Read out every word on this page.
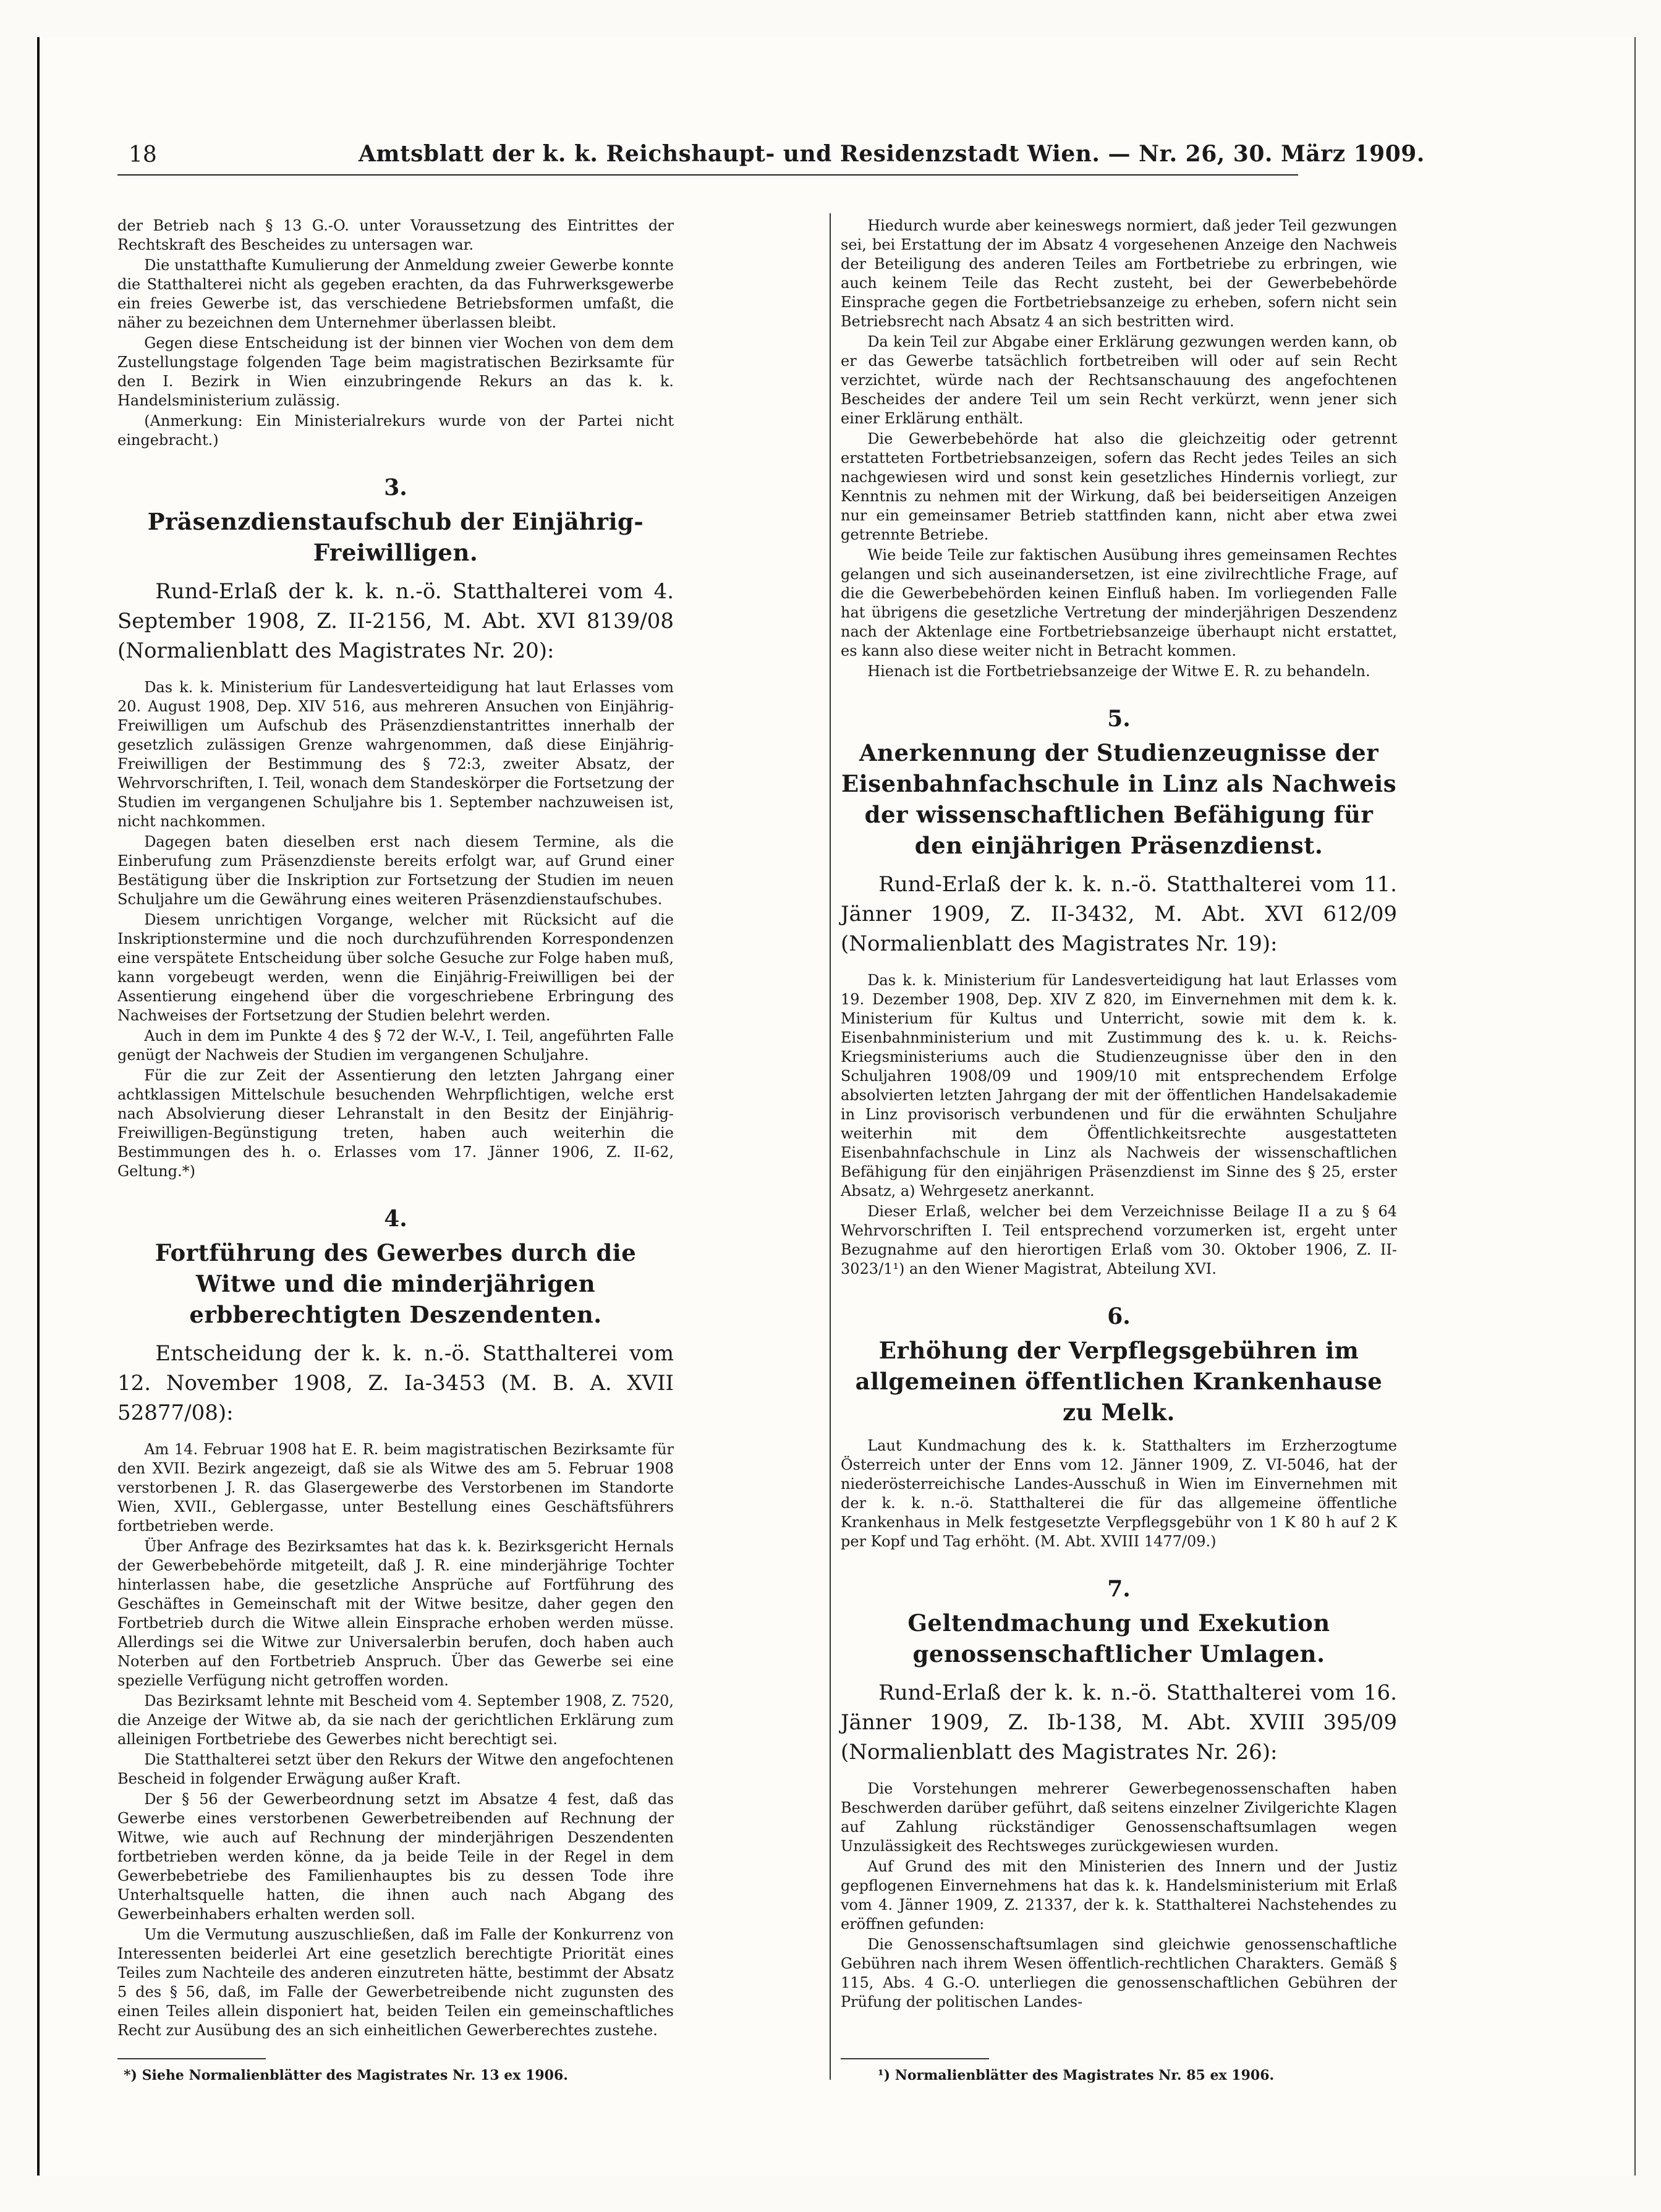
18	Amtsblatt der k. k. Reichshaupt- und Residenzstadt Wien. — Nr. 26, 30. März 1909.

der Betrieb nach § 13 G.-O. unter Voraussetzung des Eintrittes der Rechtskraft des Bescheides zu untersagen war.

Die unstatthafte Kumulierung der Anmeldung zweier Gewerbe konnte die Statthalterei nicht als gegeben erachten, da das Fuhrwerksgewerbe ein freies Gewerbe ist, das verschiedene Betriebsformen umfaßt, die näher zu bezeichnen dem Unternehmer überlassen bleibt.

Gegen diese Entscheidung ist der binnen vier Wochen von dem dem Zustellungstage folgenden Tage beim magistratischen Bezirksamte für den I. Bezirk in Wien einzubringende Rekurs an das k. k. Handelsministerium zulässig.

(Anmerkung: Ein Ministerialrekurs wurde von der Partei nicht eingebracht.)

3.
Präsenzdienstaufschub der Einjährig-Freiwilligen.

Rund-Erlaß der k. k. n.-ö. Statthalterei vom 4. September 1908, Z. II-2156, M. Abt. XVI 8139/08 (Normalienblatt des Magistrates Nr. 20):

Das k. k. Ministerium für Landesverteidigung hat laut Erlasses vom 20. August 1908, Dep. XIV 516, aus mehreren Ansuchen von Einjährig-Freiwilligen um Aufschub des Präsenzdienstantrittes innerhalb der gesetzlich zulässigen Grenze wahrgenommen, daß diese Einjährig-Freiwilligen der Bestimmung des § 72:3, zweiter Absatz, der Wehrvorschriften, I. Teil, wonach dem Standeskörper die Fortsetzung der Studien im vergangenen Schuljahre bis 1. September nachzuweisen ist, nicht nachkommen.

Dagegen baten dieselben erst nach diesem Termine, als die Einberufung zum Präsenzdienste bereits erfolgt war, auf Grund einer Bestätigung über die Inskription zur Fortsetzung der Studien im neuen Schuljahre um die Gewährung eines weiteren Präsenzdienstaufschubes.

Diesem unrichtigen Vorgange, welcher mit Rücksicht auf die Inskriptionstermine und die noch durchzuführenden Korrespondenzen eine verspätete Entscheidung über solche Gesuche zur Folge haben muß, kann vorgebeugt werden, wenn die Einjährig-Freiwilligen bei der Assentierung eingehend über die vorgeschriebene Erbringung des Nachweises der Fortsetzung der Studien belehrt werden.

Auch in dem im Punkte 4 des § 72 der W.-V., I. Teil, angeführten Falle genügt der Nachweis der Studien im vergangenen Schuljahre.

Für die zur Zeit der Assentierung den letzten Jahrgang einer achtklassigen Mittelschule besuchenden Wehrpflichtigen, welche erst nach Absolvierung dieser Lehranstalt in den Besitz der Einjährig-Freiwilligen-Begünstigung treten, haben auch weiterhin die Bestimmungen des h. o. Erlasses vom 17. Jänner 1906, Z. II-62, Geltung.*)

4.
Fortführung des Gewerbes durch die Witwe und die minderjährigen erbberechtigten Deszendenten.

Entscheidung der k. k. n.-ö. Statthalterei vom 12. November 1908, Z. Ia-3453 (M. B. A. XVII 52877/08):

Am 14. Februar 1908 hat E. R. beim magistratischen Bezirksamte für den XVII. Bezirk angezeigt, daß sie als Witwe des am 5. Februar 1908 verstorbenen J. R. das Glasergewerbe des Verstorbenen im Standorte Wien, XVII., Geblergasse, unter Bestellung eines Geschäftsführers fortbetrieben werde.

Über Anfrage des Bezirksamtes hat das k. k. Bezirksgericht Hernals der Gewerbebehörde mitgeteilt, daß J. R. eine minderjährige Tochter hinterlassen habe, die gesetzliche Ansprüche auf Fortführung des Geschäftes in Gemeinschaft mit der Witwe besitze, daher gegen den Fortbetrieb durch die Witwe allein Einsprache erhoben werden müsse. Allerdings sei die Witwe zur Universalerbin berufen, doch haben auch Noterben auf den Fortbetrieb Anspruch. Über das Gewerbe sei eine spezielle Verfügung nicht getroffen worden.

Das Bezirksamt lehnte mit Bescheid vom 4. September 1908, Z. 7520, die Anzeige der Witwe ab, da sie nach der gerichtlichen Erklärung zum alleinigen Fortbetriebe des Gewerbes nicht berechtigt sei.

Die Statthalterei setzt über den Rekurs der Witwe den angefochtenen Bescheid in folgender Erwägung außer Kraft.

Der § 56 der Gewerbeordnung setzt im Absatze 4 fest, daß das Gewerbe eines verstorbenen Gewerbetreibenden auf Rechnung der Witwe, wie auch auf Rechnung der minderjährigen Deszendenten fortbetrieben werden könne, da ja beide Teile in der Regel in dem Gewerbebetriebe des Familienhauptes bis zu dessen Tode ihre Unterhaltsquelle hatten, die ihnen auch nach Abgang des Gewerbeinhabers erhalten werden soll.

Um die Vermutung auszuschließen, daß im Falle der Konkurrenz von Interessenten beiderlei Art eine gesetzlich berechtigte Priorität eines Teiles zum Nachteile des anderen einzutreten hätte, bestimmt der Absatz 5 des § 56, daß, im Falle der Gewerbetreibende nicht zugunsten des einen Teiles allein disponiert hat, beiden Teilen ein gemeinschaftliches Recht zur Ausübung des an sich einheitlichen Gewerberechtes zustehe.

*) Siehe Normalienblätter des Magistrates Nr. 13 ex 1906.

Hiedurch wurde aber keineswegs normiert, daß jeder Teil gezwungen sei, bei Erstattung der im Absatz 4 vorgesehenen Anzeige den Nachweis der Beteiligung des anderen Teiles am Fortbetriebe zu erbringen, wie auch keinem Teile das Recht zusteht, bei der Gewerbebehörde Einsprache gegen die Fortbetriebsanzeige zu erheben, sofern nicht sein Betriebsrecht nach Absatz 4 an sich bestritten wird.

Da kein Teil zur Abgabe einer Erklärung gezwungen werden kann, ob er das Gewerbe tatsächlich fortbetreiben will oder auf sein Recht verzichtet, würde nach der Rechtsanschauung des angefochtenen Bescheides der andere Teil um sein Recht verkürzt, wenn jener sich einer Erklärung enthält.

Die Gewerbebehörde hat also die gleichzeitig oder getrennt erstatteten Fortbetriebsanzeigen, sofern das Recht jedes Teiles an sich nachgewiesen wird und sonst kein gesetzliches Hindernis vorliegt, zur Kenntnis zu nehmen mit der Wirkung, daß bei beiderseitigen Anzeigen nur ein gemeinsamer Betrieb stattfinden kann, nicht aber etwa zwei getrennte Betriebe.

Wie beide Teile zur faktischen Ausübung ihres gemeinsamen Rechtes gelangen und sich auseinandersetzen, ist eine zivilrechtliche Frage, auf die die Gewerbebehörden keinen Einfluß haben. Im vorliegenden Falle hat übrigens die gesetzliche Vertretung der minderjährigen Deszendenz nach der Aktenlage eine Fortbetriebsanzeige überhaupt nicht erstattet, es kann also diese weiter nicht in Betracht kommen.

Hienach ist die Fortbetriebsanzeige der Witwe E. R. zu behandeln.

5.
Anerkennung der Studienzeugnisse der Eisenbahnfachschule in Linz als Nachweis der wissenschaftlichen Befähigung für den einjährigen Präsenzdienst.

Rund-Erlaß der k. k. n.-ö. Statthalterei vom 11. Jänner 1909, Z. II-3432, M. Abt. XVI 612/09 (Normalienblatt des Magistrates Nr. 19):

Das k. k. Ministerium für Landesverteidigung hat laut Erlasses vom 19. Dezember 1908, Dep. XIV Z 820, im Einvernehmen mit dem k. k. Ministerium für Kultus und Unterricht, sowie mit dem k. k. Eisenbahnministerium und mit Zustimmung des k. u. k. Reichs-Kriegsministeriums auch die Studienzeugnisse über den in den Schuljahren 1908/09 und 1909/10 mit entsprechendem Erfolge absolvierten letzten Jahrgang der mit der öffentlichen Handelsakademie in Linz provisorisch verbundenen und für die erwähnten Schuljahre weiterhin mit dem Öffentlichkeitsrechte ausgestatteten Eisenbahnfachschule in Linz als Nachweis der wissenschaftlichen Befähigung für den einjährigen Präsenzdienst im Sinne des § 25, erster Absatz, a) Wehrgesetz anerkannt.

Dieser Erlaß, welcher bei dem Verzeichnisse Beilage II a zu § 64 Wehrvorschriften I. Teil entsprechend vorzumerken ist, ergeht unter Bezugnahme auf den hierortigen Erlaß vom 30. Oktober 1906, Z. II-3023/1¹) an den Wiener Magistrat, Abteilung XVI.

6.
Erhöhung der Verpflegsgebühren im allgemeinen öffentlichen Krankenhause zu Melk.

Laut Kundmachung des k. k. Statthalters im Erzherzogtume Österreich unter der Enns vom 12. Jänner 1909, Z. VI-5046, hat der niederösterreichische Landes-Ausschuß in Wien im Einvernehmen mit der k. k. n.-ö. Statthalterei die für das allgemeine öffentliche Krankenhaus in Melk festgesetzte Verpflegsgebühr von 1 K 80 h auf 2 K per Kopf und Tag erhöht. (M. Abt. XVIII 1477/09.)

7.
Geltendmachung und Exekution genossenschaftlicher Umlagen.

Rund-Erlaß der k. k. n.-ö. Statthalterei vom 16. Jänner 1909, Z. Ib-138, M. Abt. XVIII 395/09 (Normalienblatt des Magistrates Nr. 26):

Die Vorstehungen mehrerer Gewerbegenossenschaften haben Beschwerden darüber geführt, daß seitens einzelner Zivilgerichte Klagen auf Zahlung rückständiger Genossenschaftsumlagen wegen Unzulässigkeit des Rechtsweges zurückgewiesen wurden.

Auf Grund des mit den Ministerien des Innern und der Justiz gepflogenen Einvernehmens hat das k. k. Handelsministerium mit Erlaß vom 4. Jänner 1909, Z. 21337, der k. k. Statthalterei Nachstehendes zu eröffnen gefunden:

Die Genossenschaftsumlagen sind gleichwie genossenschaftliche Gebühren nach ihrem Wesen öffentlich-rechtlichen Charakters. Gemäß § 115, Abs. 4 G.-O. unterliegen die genossenschaftlichen Gebühren der Prüfung der politischen Landes-

¹) Normalienblätter des Magistrates Nr. 85 ex 1906.
